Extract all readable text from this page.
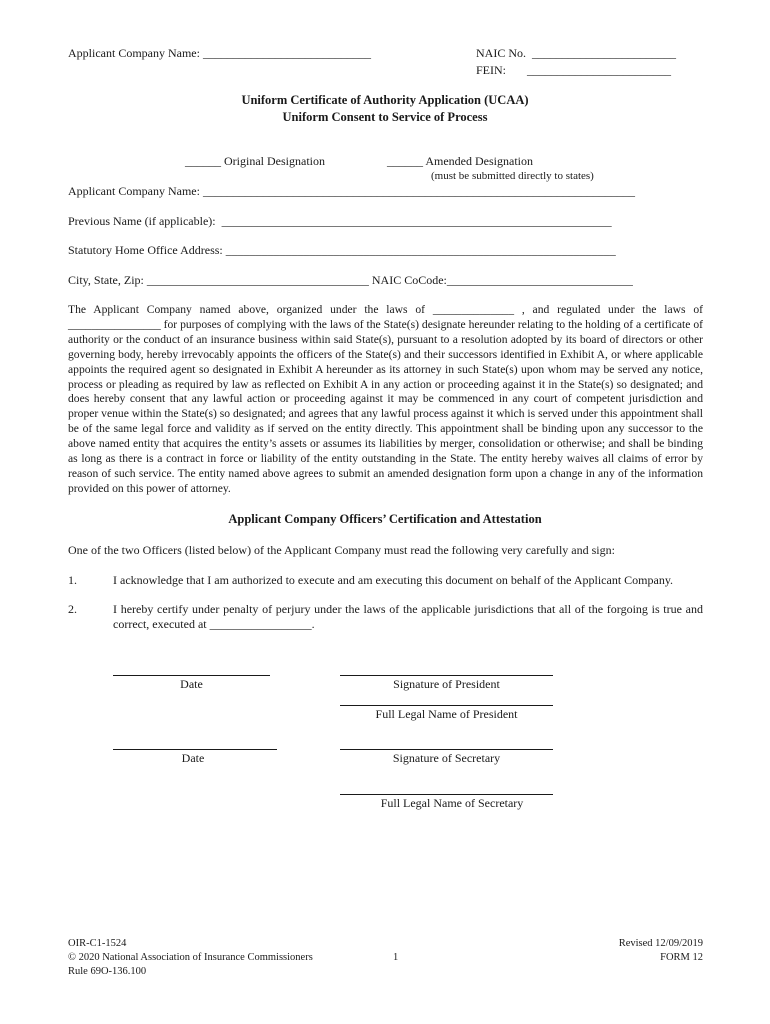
Applicant Company Name: ____________________________	NAIC No.  ________________________
FEIN:       ________________________
Uniform Certificate of Authority Application (UCAA)
Uniform Consent to Service of Process
______ Original Designation	______ Amended Designation
(must be submitted directly to states)
Applicant Company Name: ________________________________________________________________________
Previous Name (if applicable):  _________________________________________________________________
Statutory Home Office Address: _________________________________________________________________
City, State, Zip: _____________________________________ NAIC CoCode:_______________________________
The Applicant Company named above, organized under the laws of ______________ , and regulated under the laws of ________________ for purposes of complying with the laws of the State(s) designate hereunder relating to the holding of a certificate of authority or the conduct of an insurance business within said State(s), pursuant to a resolution adopted by its board of directors or other governing body, hereby irrevocably appoints the officers of the State(s) and their successors identified in Exhibit A, or where applicable appoints the required agent so designated in Exhibit A hereunder as its attorney in such State(s) upon whom may be served any notice, process or pleading as required by law as reflected on Exhibit A in any action or proceeding against it in the State(s) so designated; and does hereby consent that any lawful action or proceeding against it may be commenced in any court of competent jurisdiction and proper venue within the State(s) so designated; and agrees that any lawful process against it which is served under this appointment shall be of the same legal force and validity as if served on the entity directly. This appointment shall be binding upon any successor to the above named entity that acquires the entity’s assets or assumes its liabilities by merger, consolidation or otherwise; and shall be binding as long as there is a contract in force or liability of the entity outstanding in the State. The entity hereby waives all claims of error by reason of such service. The entity named above agrees to submit an amended designation form upon a change in any of the information provided on this power of attorney.
Applicant Company Officers’ Certification and Attestation
One of the two Officers (listed below) of the Applicant Company must read the following very carefully and sign:
1.	I acknowledge that I am authorized to execute and am executing this document on behalf of the Applicant Company.
2.	I hereby certify under penalty of perjury under the laws of the applicable jurisdictions that all of the forgoing is true and correct, executed at _________________.
Date	Signature of President
Full Legal Name of President
Date	Signature of Secretary
Full Legal Name of Secretary
OIR-C1-1524
© 2020 National Association of Insurance Commissioners
Rule 69O-136.100
1
Revised 12/09/2019
FORM 12
